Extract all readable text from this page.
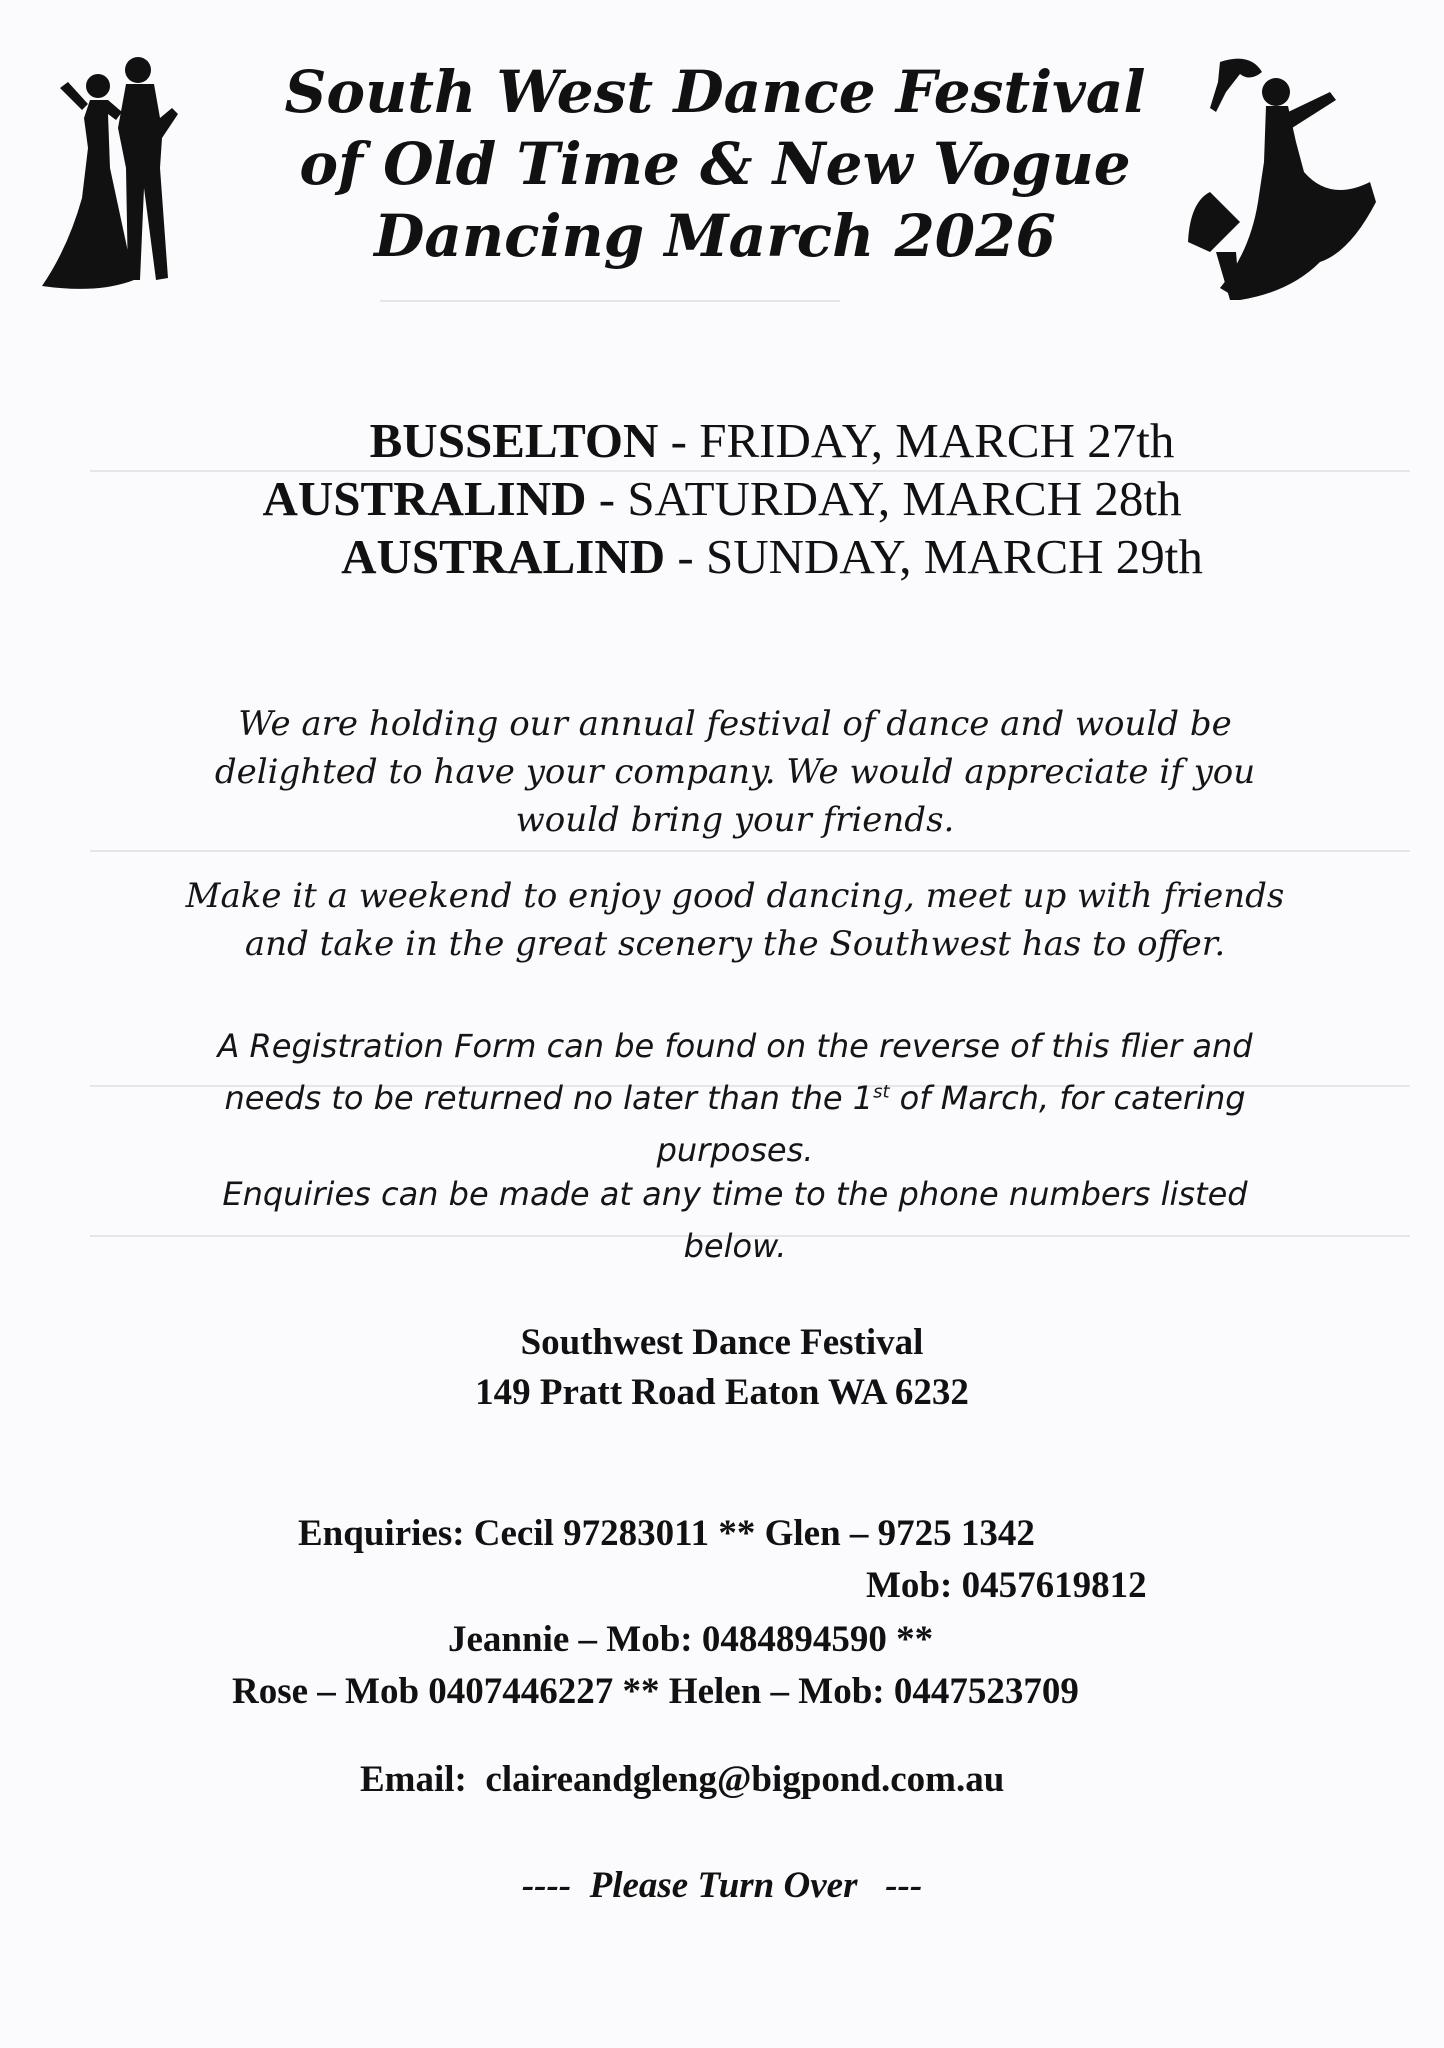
South West Dance Festival
of Old Time & New Vogue
Dancing March 2026
BUSSELTON - FRIDAY, MARCH 27th
AUSTRALIND - SATURDAY, MARCH 28th
AUSTRALIND - SUNDAY, MARCH 29th
We are holding our annual festival of dance and would be
delighted to have your company. We would appreciate if you
would bring your friends.
Make it a weekend to enjoy good dancing, meet up with friends
and take in the great scenery the Southwest has to offer.
A Registration Form can be found on the reverse of this flier and
needs to be returned no later than the 1st of March, for catering
purposes.
Enquiries can be made at any time to the phone numbers listed
below.
Southwest Dance Festival
149 Pratt Road Eaton WA 6232
Enquiries: Cecil 97283011 ** Glen – 9725 1342
Mob: 0457619812
Jeannie – Mob: 0484894590 **
Rose – Mob 0407446227 ** Helen – Mob: 0447523709
Email: claireandgleng@bigpond.com.au
----  Please Turn Over   ---
